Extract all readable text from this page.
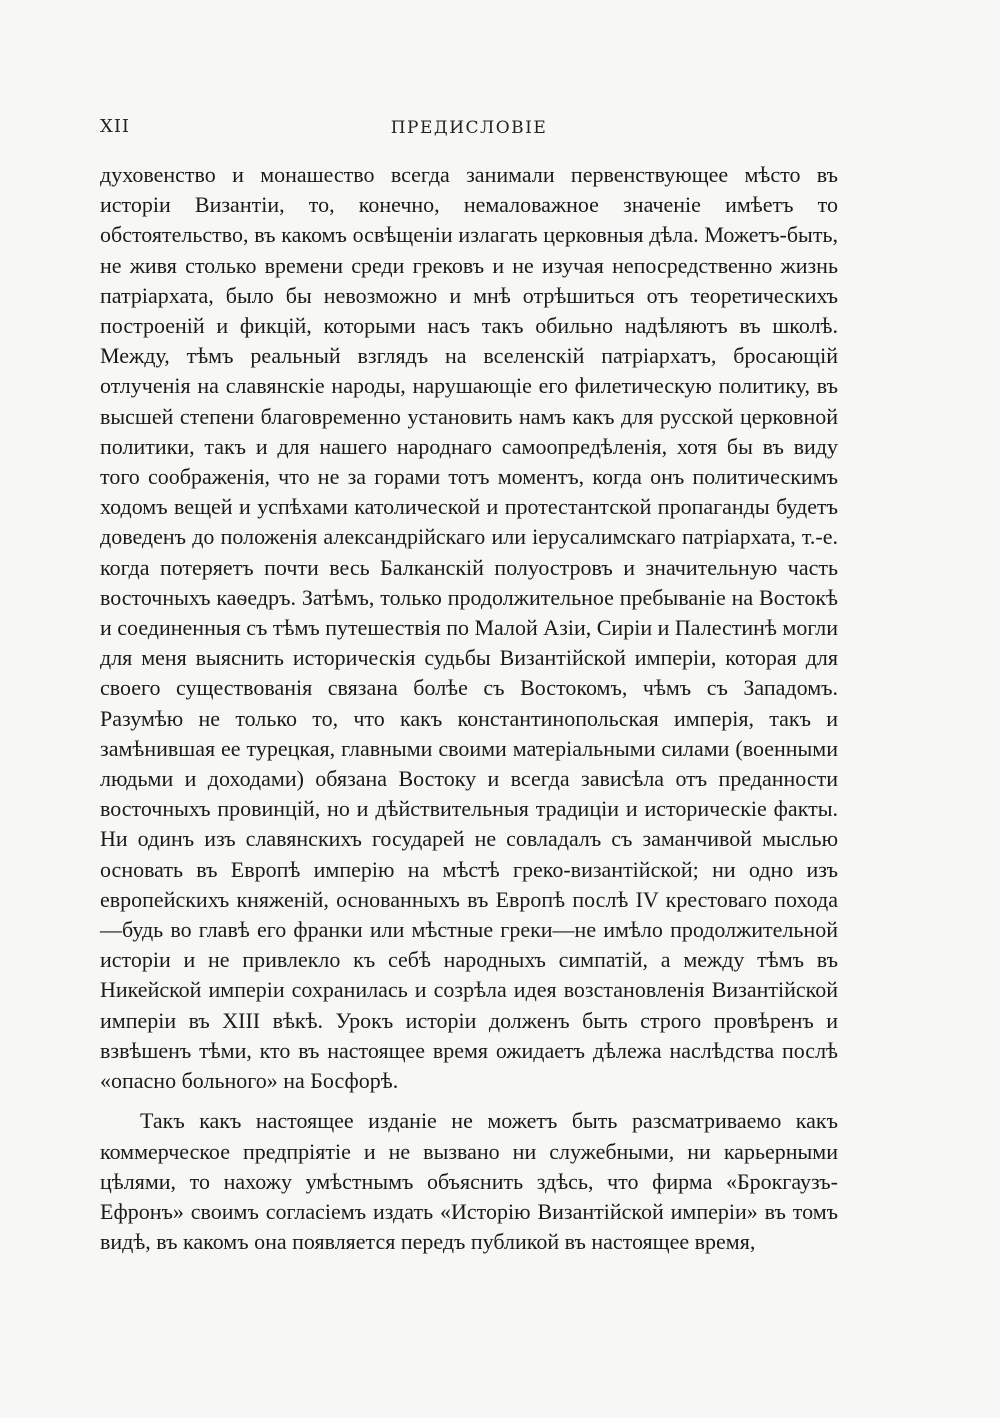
XII	ПРЕДИСЛОВІЕ

духовенство и монашество всегда занимали первенствующее мѣсто въ исторіи Византіи, то, конечно, немаловажное значеніе имѣетъ то обстоятельство, въ какомъ освѣщеніи излагать церковныя дѣла. Можетъ-быть, не живя столько времени среди грековъ и не изучая непосредственно жизнь патріархата, было бы невозможно и мнѣ отрѣшиться отъ теоретическихъ построеній и фикцій, которыми насъ такъ обильно надѣляютъ въ школѣ. Между, тѣмъ реальный взглядъ на вселенскій патріархатъ, бросающій отлученія на славянскіе народы, нарушающіе его филетическую политику, въ высшей степени благовременно установить намъ какъ для русской церковной политики, такъ и для нашего народнаго самоопредѣленія, хотя бы въ виду того соображенія, что не за горами тотъ моментъ, когда онъ политическимъ ходомъ вещей и успѣхами католической и протестантской пропаганды будетъ доведенъ до положенія александрійскаго или іерусалимскаго патріархата, т.-е. когда потеряетъ почти весь Балканскій полуостровъ и значительную часть восточныхъ каѳедръ. Затѣмъ, только продолжительное пребываніе на Востокѣ и соединенныя съ тѣмъ путешествія по Малой Азіи, Сиріи и Палестинѣ могли для меня выяснить историческія судьбы Византійской имперіи, которая для своего существованія связана болѣе съ Востокомъ, чѣмъ съ Западомъ. Разумѣю не только то, что какъ константинопольская имперія, такъ и замѣнившая ее турецкая, главными своими матеріальными силами (военными людьми и доходами) обязана Востоку и всегда зависѣла отъ преданности восточныхъ провинцій, но и дѣйствительныя традиціи и историческіе факты. Ни одинъ изъ славянскихъ государей не совладалъ съ заманчивой мыслью основать въ Европѣ имперію на мѣстѣ греко-византійской; ни одно изъ европейскихъ княженій, основанныхъ въ Европѣ послѣ IV крестоваго похода—будь во главѣ его франки или мѣстные греки—не имѣло продолжительной исторіи и не привлекло къ себѣ народныхъ симпатій, а между тѣмъ въ Никейской имперіи сохранилась и созрѣла идея возстановленія Византійской имперіи въ XIII вѣкѣ. Урокъ исторіи долженъ быть строго провѣренъ и взвѣшенъ тѣми, кто въ настоящее время ожидаетъ дѣлежа наслѣдства послѣ «опасно больного» на Босфорѣ.

Такъ какъ настоящее изданіе не можетъ быть разсматриваемо какъ коммерческое предпріятіе и не вызвано ни служебными, ни карьерными цѣлями, то нахожу умѣстнымъ объяснить здѣсь, что фирма «Брокгаузъ-Ефронъ» своимъ согласіемъ издать «Исторію Византійской имперіи» въ томъ видѣ, въ какомъ она появляется передъ публикой въ настоящее время,
